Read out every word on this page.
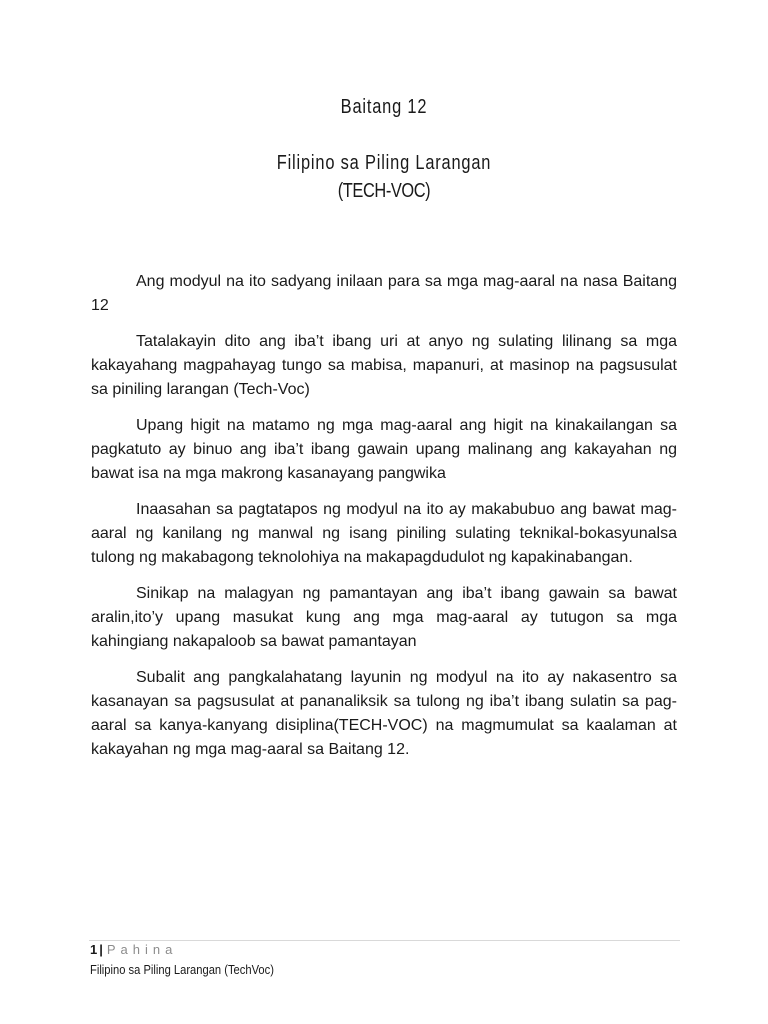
Baitang 12
Filipino sa Piling Larangan
(TECH-VOC)

Ang modyul na ito sadyang inilaan para sa mga mag-aaral na nasa Baitang 12

Tatalakayin dito ang iba’t ibang uri at anyo ng sulating lilinang sa mga kakayahang magpahayag tungo sa mabisa, mapanuri, at masinop na pagsusulat sa piniling larangan (Tech-Voc)

Upang higit na matamo ng mga mag-aaral ang higit na kinakailangan sa pagkatuto ay binuo ang iba’t ibang gawain upang malinang ang kakayahan ng bawat isa na mga makrong kasanayang pangwika

Inaasahan sa pagtatapos ng modyul na ito ay makabubuo ang bawat mag-aaral ng kanilang ng manwal ng isang piniling sulating teknikal-bokasyunalsa tulong ng makabagong teknolohiya na makapagdudulot ng kapakinabangan.

Sinikap na malagyan ng pamantayan ang iba’t ibang gawain sa bawat aralin,ito’y upang masukat kung ang mga mag-aaral ay tutugon sa mga kahingiang nakapaloob sa bawat pamantayan

Subalit ang pangkalahatang layunin ng modyul na ito ay nakasentro sa kasanayan sa pagsusulat at pananaliksik sa tulong ng iba’t ibang sulatin sa pag-aaral sa kanya-kanyang disiplina(TECH-VOC) na magmumulat sa kaalaman at kakayahan ng mga mag-aaral sa Baitang 12.

1 | Pahina
Filipino sa Piling Larangan (TechVoc)
